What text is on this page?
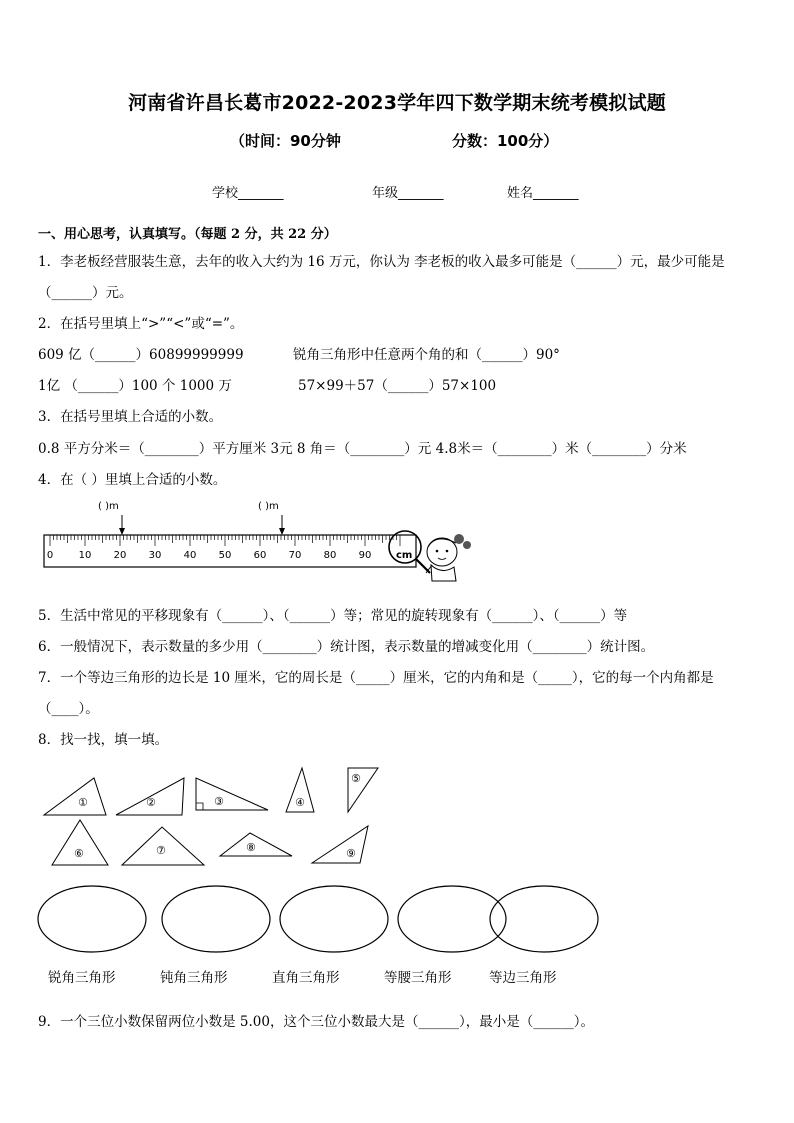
河南省许昌长葛市2022-2023学年四下数学期末统考模拟试题
（时间：90分钟	分数：100分）
学校_______	年级_______	姓名_______
一、用心思考，认真填写。（每题 2 分，共 22 分）
1．李老板经营服装生意，去年的收入大约为 16 万元，你认为 李老板的收入最多可能是（______）元，最少可能是
（______）元。
2．在括号里填上“>”“<”或“=”。
609 亿（______）60899999999	锐角三角形中任意两个角的和（______）90°
1亿 （______）100 个 1000 万	57×99＋57（______）57×100
3．在括号里填上合适的小数。
0.8 平方分米＝（________）平方厘米 3元 8 角＝（________）元 4.8米＝（________）米（________）分米
4．在（ ）里填上合适的小数。
( )m	( )m
0	10 20 30 40 50 60 70 80 90 cm
5．生活中常见的平移现象有（______）、（______）等；常见的旋转现象有（______）、（______）等
6．一般情况下，表示数量的多少用（________）统计图，表示数量的增减变化用（________）统计图。
7．一个等边三角形的边长是 10 厘米，它的周长是（_____）厘米，它的内角和是（_____），它的每一个内角都是
（____）。
8．找一找，填一填。
①	②	③	④
⑤
⑥	⑦	⑧	⑨
锐角三角形	钝角三角形	直角三角形	等腰三角形	等边三角形
9．一个三位小数保留两位小数是 5.00，这个三位小数最大是（______），最小是（______）。
